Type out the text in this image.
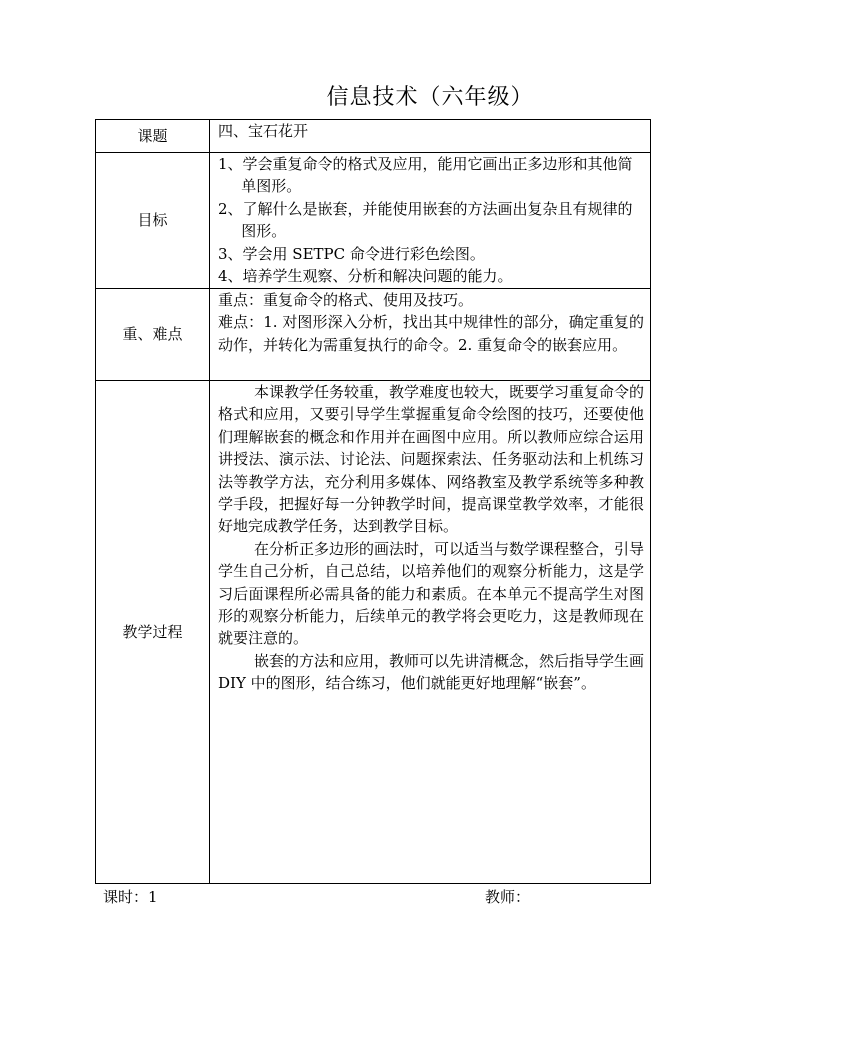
信息技术（六年级）
课题	四、宝石花开

目标	1、学会重复命令的格式及应用，能用它画出正多边形和其他简单图形。

2、了解什么是嵌套，并能使用嵌套的方法画出复杂且有规律的图形。

3、学会用 SETPC 命令进行彩色绘图。

4、培养学生观察、分析和解决问题的能力。

重、难点	重点：重复命令的格式、使用及技巧。

难点：1. 对图形深入分析，找出其中规律性的部分，确定重复的动作，并转化为需重复执行的命令。2. 重复命令的嵌套应用。

教学过程	本课教学任务较重，教学难度也较大，既要学习重复命令的格式和应用，又要引导学生掌握重复命令绘图的技巧，还要使他们理解嵌套的概念和作用并在画图中应用。所以教师应综合运用讲授法、演示法、讨论法、问题探索法、任务驱动法和上机练习法等教学方法，充分利用多媒体、网络教室及教学系统等多种教学手段，把握好每一分钟教学时间，提高课堂教学效率，才能很好地完成教学任务，达到教学目标。

在分析正多边形的画法时，可以适当与数学课程整合，引导学生自己分析，自己总结，以培养他们的观察分析能力，这是学习后面课程所必需具备的能力和素质。在本单元不提高学生对图形的观察分析能力，后续单元的教学将会更吃力，这是教师现在就要注意的。

嵌套的方法和应用，教师可以先讲清概念，然后指导学生画 DIY 中的图形，结合练习，他们就能更好地理解“嵌套”。

课时：1	教师：
